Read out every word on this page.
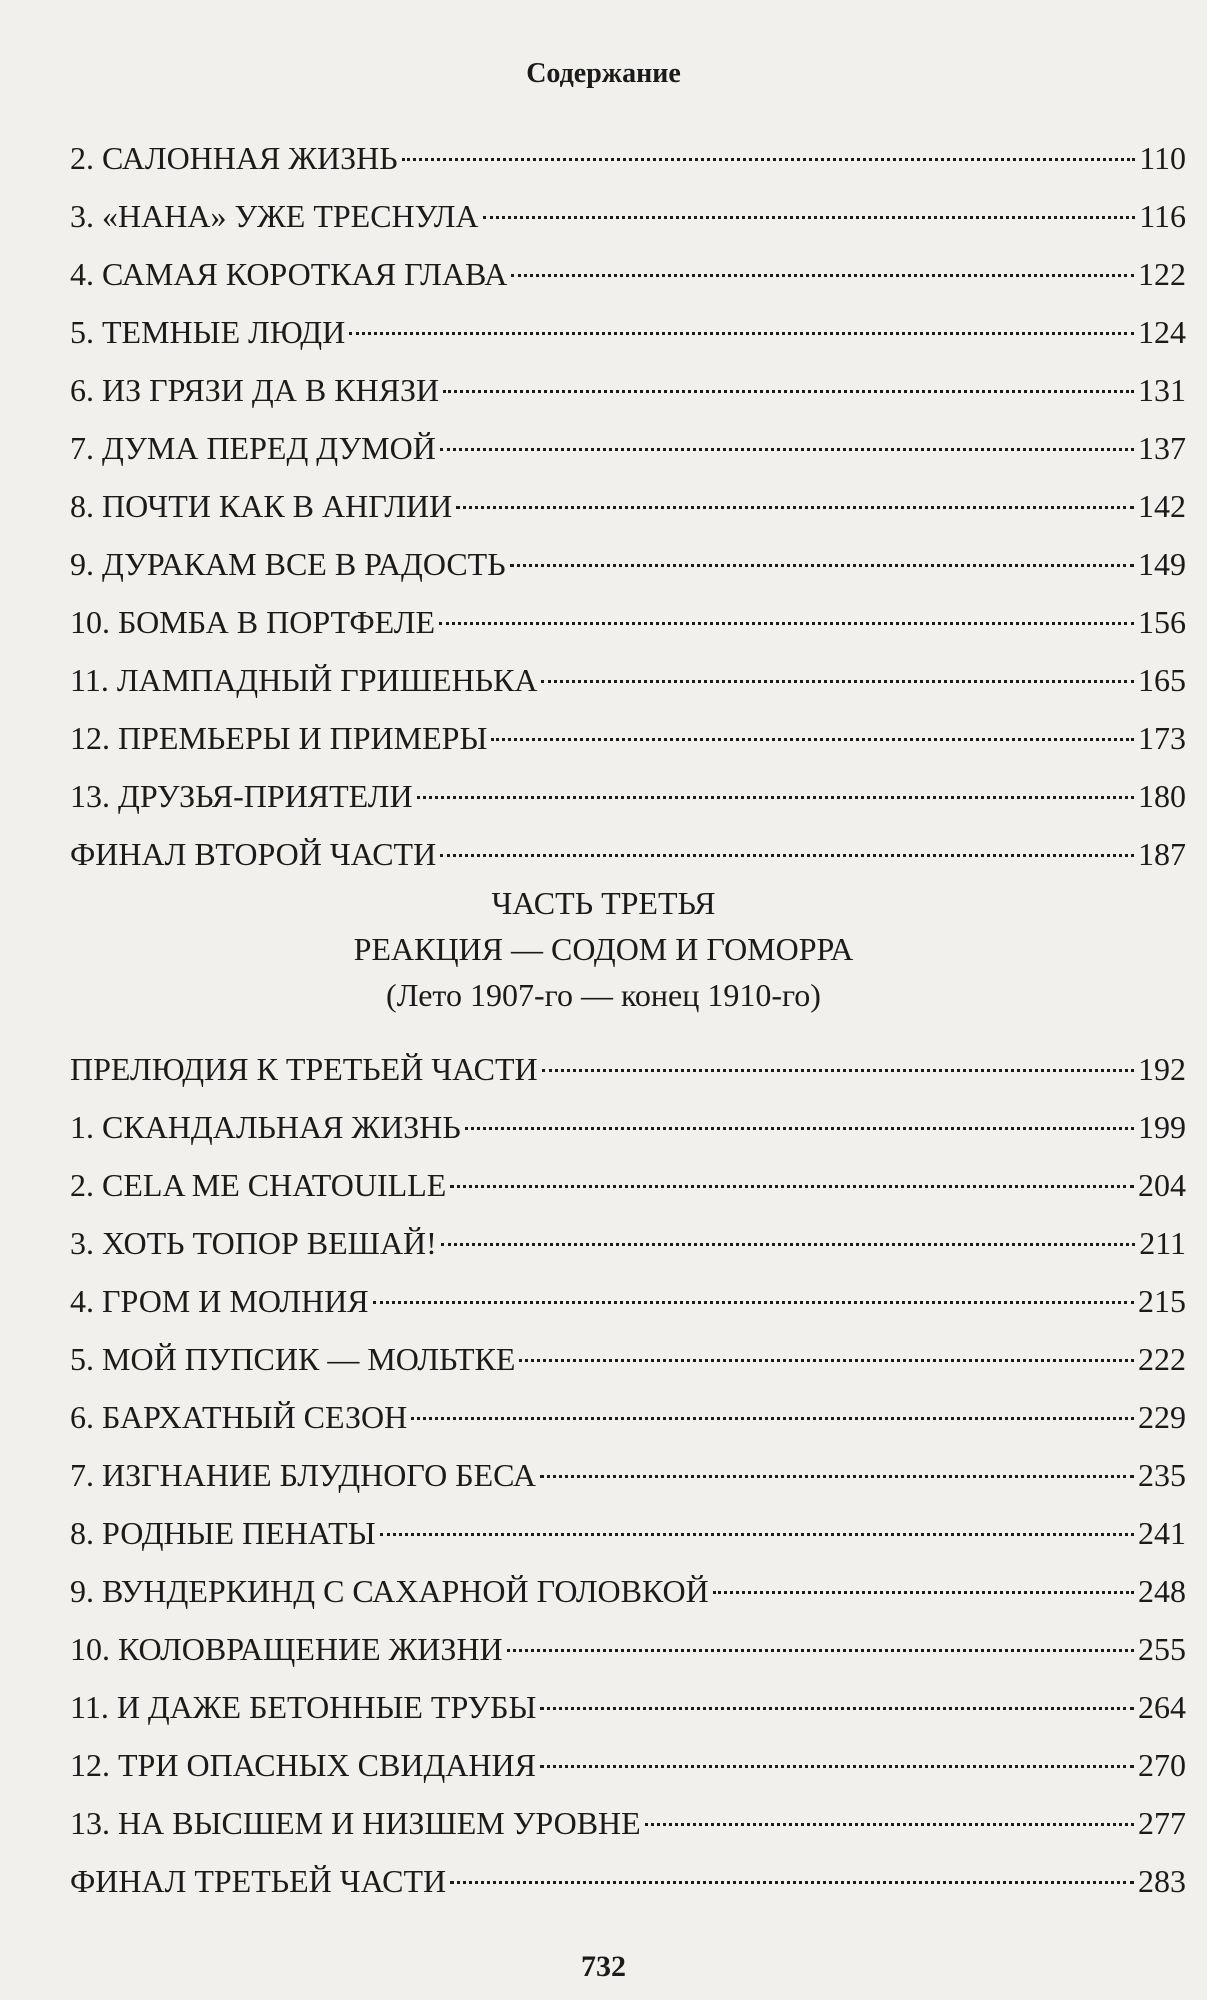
Содержание
2. САЛОННАЯ ЖИЗНЬ	110
3. «НАНА» УЖЕ ТРЕСНУЛА	116
4. САМАЯ КОРОТКАЯ ГЛАВА	122
5. ТЕМНЫЕ ЛЮДИ	124
6. ИЗ ГРЯЗИ ДА В КНЯЗИ	131
7. ДУМА ПЕРЕД ДУМОЙ	137
8. ПОЧТИ КАК В АНГЛИИ	142
9. ДУРАКАМ ВСЕ В РАДОСТЬ	149
10. БОМБА В ПОРТФЕЛЕ	156
11. ЛАМПАДНЫЙ ГРИШЕНЬКА	165
12. ПРЕМЬЕРЫ И ПРИМЕРЫ	173
13. ДРУЗЬЯ-ПРИЯТЕЛИ	180
ФИНАЛ ВТОРОЙ ЧАСТИ	187
ЧАСТЬ ТРЕТЬЯ
РЕАКЦИЯ — СОДОМ И ГОМОРРА
(Лето 1907-го — конец 1910-го)
ПРЕЛЮДИЯ К ТРЕТЬЕЙ ЧАСТИ	192
1. СКАНДАЛЬНАЯ ЖИЗНЬ	199
2. CELA ME CHATOUILLE	204
3. ХОТЬ ТОПОР ВЕШАЙ!	211
4. ГРОМ И МОЛНИЯ	215
5. МОЙ ПУПСИК — МОЛЬТКЕ	222
6. БАРХАТНЫЙ СЕЗОН	229
7. ИЗГНАНИЕ БЛУДНОГО БЕСА	235
8. РОДНЫЕ ПЕНАТЫ	241
9. ВУНДЕРКИНД С САХАРНОЙ ГОЛОВКОЙ	248
10. КОЛОВРАЩЕНИЕ ЖИЗНИ	255
11. И ДАЖЕ БЕТОННЫЕ ТРУБЫ	264
12. ТРИ ОПАСНЫХ СВИДАНИЯ	270
13. НА ВЫСШЕМ И НИЗШЕМ УРОВНЕ	277
ФИНАЛ ТРЕТЬЕЙ ЧАСТИ	283
732
